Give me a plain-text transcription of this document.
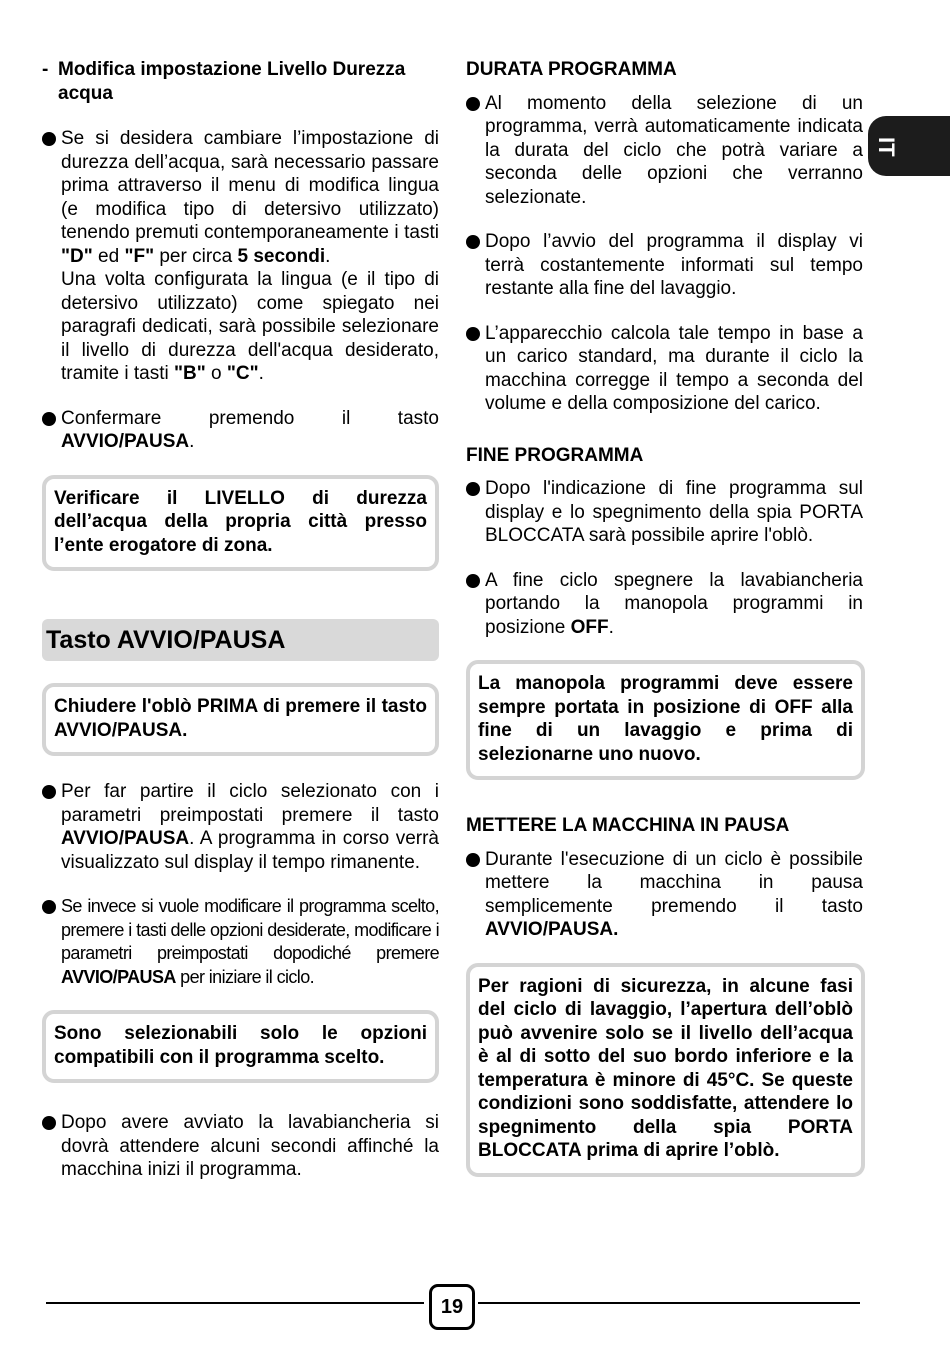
IT
- Modifica impostazione Livello Durezza acqua

Se si desidera cambiare l’impostazione di durezza dell’acqua, sarà necessario passare prima attraverso il menu di modifica lingua (e modifica tipo di detersivo utilizzato) tenendo premuti contemporaneamente i tasti "D" ed "F" per circa 5 secondi.

Una volta configurata la lingua (e il tipo di detersivo utilizzato) come spiegato nei paragrafi dedicati, sarà possibile selezionare il livello di durezza dell'acqua desiderato, tramite i tasti "B" o "C".

Confermare premendo il tasto AVVIO/PAUSA.
Verificare il LIVELLO di durezza dell’acqua della propria città presso l’ente erogatore di zona.
Tasto AVVIO/PAUSA
Chiudere l'oblò PRIMA di premere il tasto AVVIO/PAUSA.
Per far partire il ciclo selezionato con i parametri preimpostati premere il tasto AVVIO/PAUSA. A programma in corso verrà visualizzato sul display il tempo rimanente.
Se invece si vuole modificare il programma scelto, premere i tasti delle opzioni desiderate, modificare i parametri preimpostati dopodiché premere AVVIO/PAUSA per iniziare il ciclo.
Sono selezionabili solo le opzioni compatibili con il programma scelto.
Dopo avere avviato la lavabiancheria si dovrà attendere alcuni secondi affinché la macchina inizi il programma.
DURATA PROGRAMMA
Al momento della selezione di un programma, verrà automaticamente indicata la durata del ciclo che potrà variare a seconda delle opzioni che verranno selezionate.
Dopo l’avvio del programma il display vi terrà costantemente informati sul tempo restante alla fine del lavaggio.
L’apparecchio calcola tale tempo in base a un carico standard, ma durante il ciclo la macchina corregge il tempo a seconda del volume e della composizione del carico.
FINE PROGRAMMA
Dopo l'indicazione di fine programma sul display e lo spegnimento della spia PORTA BLOCCATA sarà possibile aprire l'oblò.
A fine ciclo spegnere la lavabiancheria portando la manopola programmi in posizione OFF.
La manopola programmi deve essere sempre portata in posizione di OFF alla fine di un lavaggio e prima di selezionarne uno nuovo.
METTERE LA MACCHINA IN PAUSA
Durante l'esecuzione di un ciclo è possibile mettere la macchina in pausa semplicemente premendo il tasto AVVIO/PAUSA.
Per ragioni di sicurezza, in alcune fasi del ciclo di lavaggio, l’apertura dell’oblò può avvenire solo se il livello dell’acqua è al di sotto del suo bordo inferiore e la temperatura è minore di 45°C. Se queste condizioni sono soddisfatte, attendere lo spegnimento della spia PORTA BLOCCATA prima di aprire l’oblò.
19
